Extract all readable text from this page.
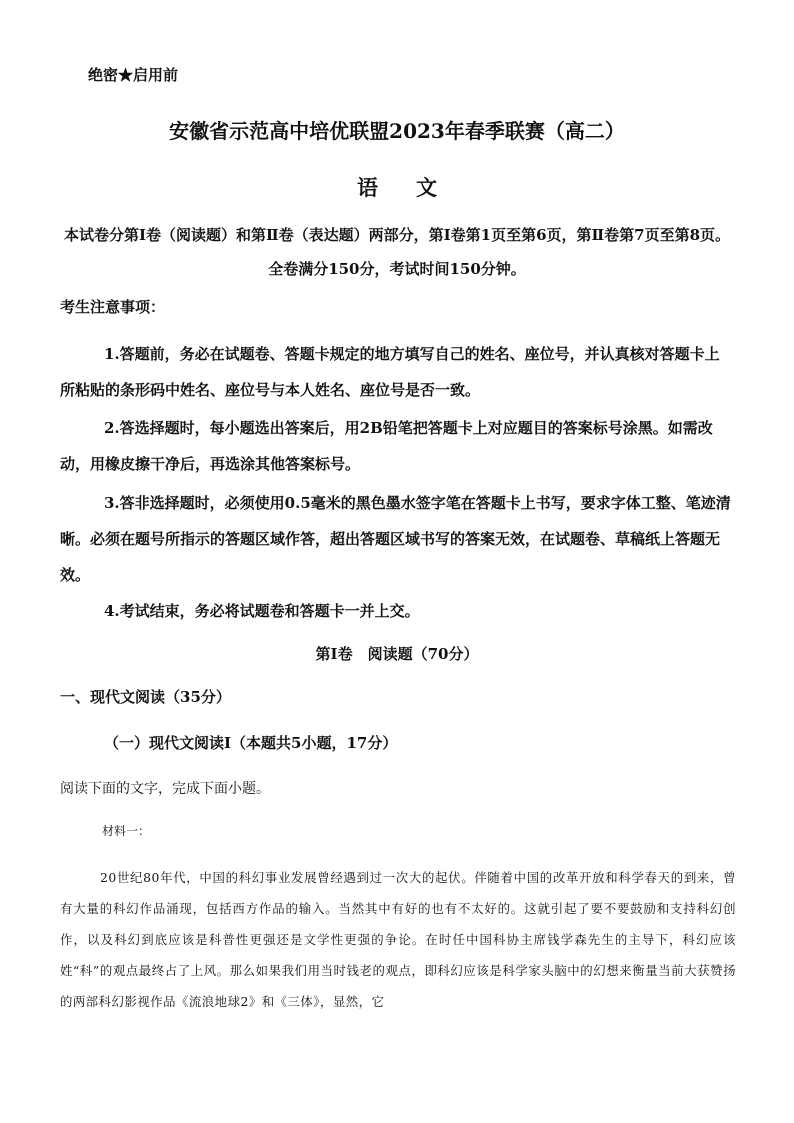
绝密★启用前
安徽省示范高中培优联盟2023年春季联赛（高二）
语文
本试卷分第Ⅰ卷（阅读题）和第Ⅱ卷（表达题）两部分，第Ⅰ卷第1页至第6页，第Ⅱ卷第7页至第8页。全卷满分150分，考试时间150分钟。
考生注意事项：
1.答题前，务必在试题卷、答题卡规定的地方填写自己的姓名、座位号，并认真核对答题卡上所粘贴的条形码中姓名、座位号与本人姓名、座位号是否一致。
2.答选择题时，每小题选出答案后，用2B铅笔把答题卡上对应题目的答案标号涂黑。如需改动，用橡皮擦干净后，再选涂其他答案标号。
3.答非选择题时，必须使用0.5毫米的黑色墨水签字笔在答题卡上书写，要求字体工整、笔迹清晰。必须在题号所指示的答题区域作答，超出答题区域书写的答案无效，在试题卷、草稿纸上答题无效。
4.考试结束，务必将试题卷和答题卡一并上交。
第Ⅰ卷　阅读题（70分）
一、现代文阅读（35分）
（一）现代文阅读Ⅰ（本题共5小题，17分）
阅读下面的文字，完成下面小题。
材料一：
20世纪80年代，中国的科幻事业发展曾经遇到过一次大的起伏。伴随着中国的改革开放和科学春天的到来，曾有大量的科幻作品涌现，包括西方作品的输入。当然其中有好的也有不太好的。这就引起了要不要鼓励和支持科幻创作，以及科幻到底应该是科普性更强还是文学性更强的争论。在时任中国科协主席钱学森先生的主导下，科幻应该姓“科”的观点最终占了上风。那么如果我们用当时钱老的观点，即科幻应该是科学家头脑中的幻想来衡量当前大获赞扬的两部科幻影视作品《流浪地球2》和《三体》，显然，它
